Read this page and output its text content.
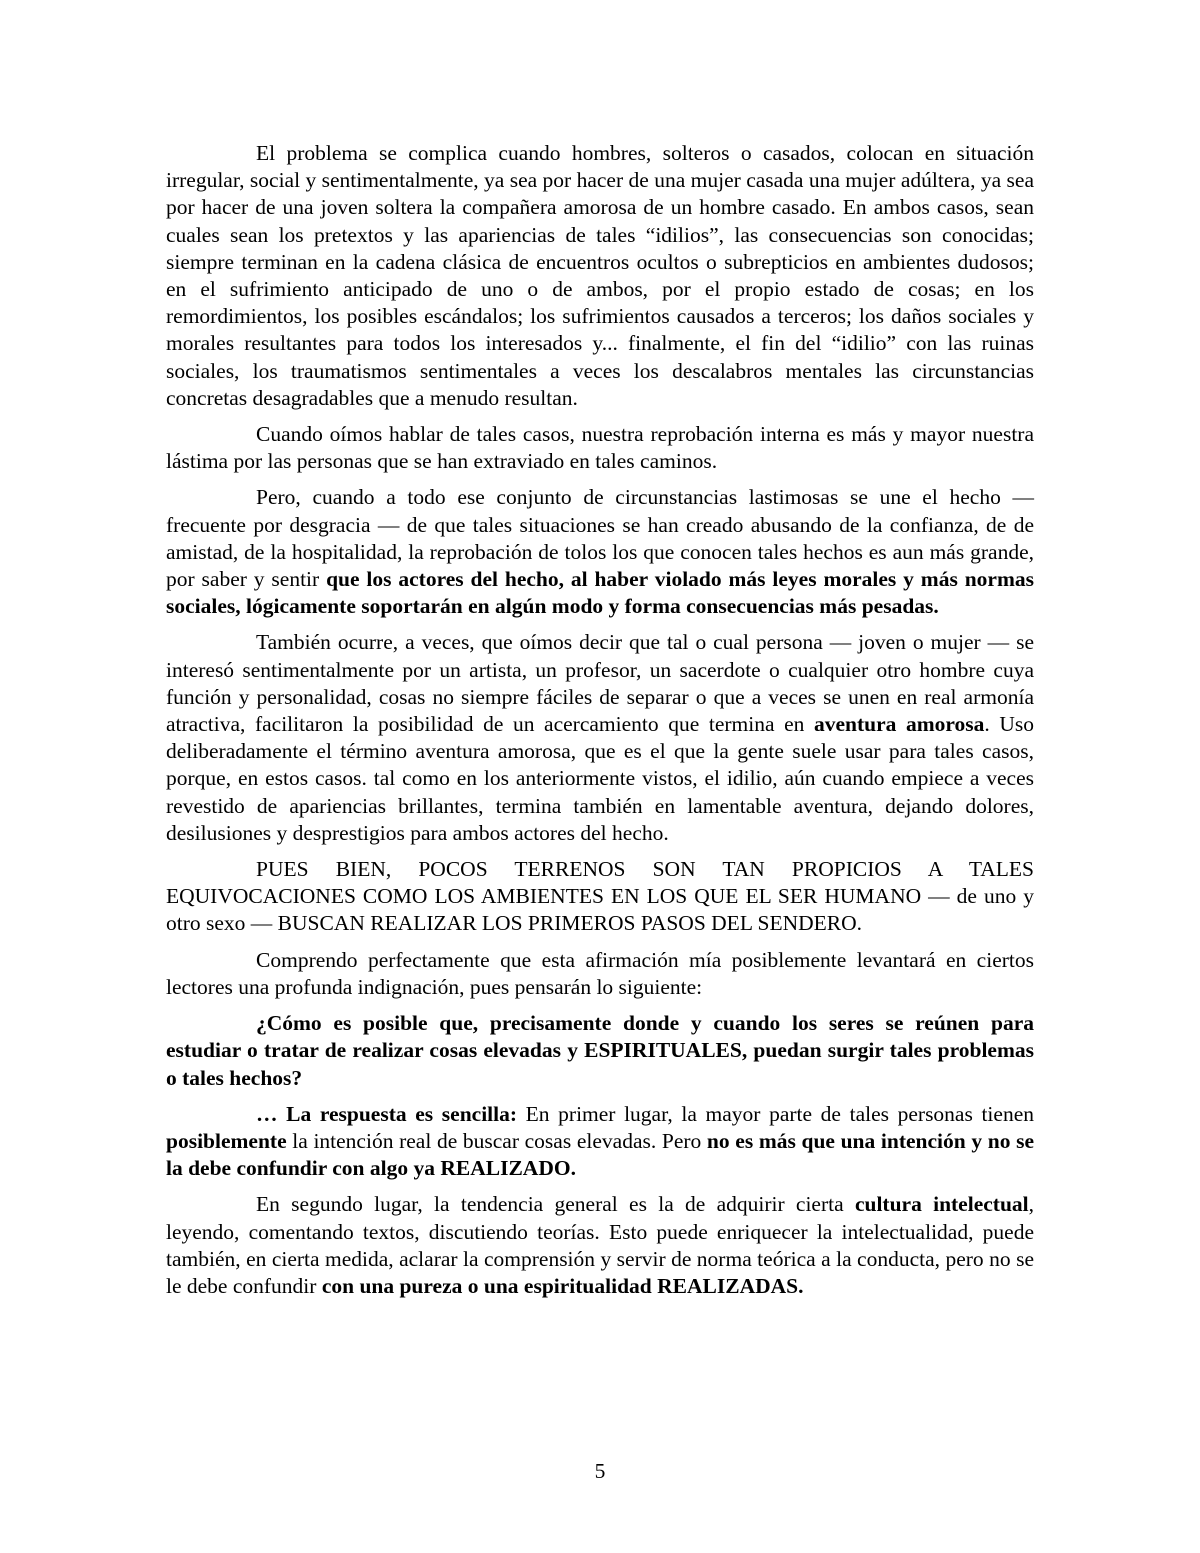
El problema se complica cuando hombres, solteros o casados, colocan en situación irregular, social y sentimentalmente, ya sea por hacer de una mujer casada una mujer adúltera, ya sea por hacer de una joven soltera la compañera amorosa de un hombre casado. En ambos casos, sean cuales sean los pretextos y las apariencias de tales “idilios”, las consecuencias son conocidas; siempre terminan en la cadena clásica de encuentros ocultos o subrepticios en ambientes dudosos; en el sufrimiento anticipado de uno o de ambos, por el propio estado de cosas; en los remordimientos, los posibles escándalos; los sufrimientos causados a terceros; los daños sociales y morales resultantes para todos los interesados y... finalmente, el fin del “idilio” con las ruinas sociales, los traumatismos sentimentales a veces los descalabros mentales las circunstancias concretas desagradables que a menudo resultan.

Cuando oímos hablar de tales casos, nuestra reprobación interna es más y mayor nuestra lástima por las personas que se han extraviado en tales caminos.

Pero, cuando a todo ese conjunto de circunstancias lastimosas se une el hecho — frecuente por desgracia — de que tales situaciones se han creado abusando de la confianza, de de amistad, de la hospitalidad, la reprobación de tolos los que conocen tales hechos es aun más grande, por saber y sentir que los actores del hecho, al haber violado más leyes morales y más normas sociales, lógicamente soportarán en algún modo y forma consecuencias más pesadas.

También ocurre, a veces, que oímos decir que tal o cual persona — joven o mujer — se interesó sentimentalmente por un artista, un profesor, un sacerdote o cualquier otro hombre cuya función y personalidad, cosas no siempre fáciles de separar o que a veces se unen en real armonía atractiva, facilitaron la posibilidad de un acercamiento que termina en aventura amorosa. Uso deliberadamente el término aventura amorosa, que es el que la gente suele usar para tales casos, porque, en estos casos. tal como en los anteriormente vistos, el idilio, aún cuando empiece a veces revestido de apariencias brillantes, termina también en lamentable aventura, dejando dolores, desilusiones y desprestigios para ambos actores del hecho.

PUES BIEN, POCOS TERRENOS SON TAN PROPICIOS A TALES EQUIVOCACIONES COMO LOS AMBIENTES EN LOS QUE EL SER HUMANO — de uno y otro sexo — BUSCAN REALIZAR LOS PRIMEROS PASOS DEL SENDERO.

Comprendo perfectamente que esta afirmación mía posiblemente levantará en ciertos lectores una profunda indignación, pues pensarán lo siguiente:

¿Cómo es posible que, precisamente donde y cuando los seres se reúnen para estudiar o tratar de realizar cosas elevadas y ESPIRITUALES, puedan surgir tales problemas o tales hechos?

… La respuesta es sencilla: En primer lugar, la mayor parte de tales personas tienen posiblemente la intención real de buscar cosas elevadas. Pero no es más que una intención y no se la debe confundir con algo ya REALIZADO.

En segundo lugar, la tendencia general es la de adquirir cierta cultura intelectual, leyendo, comentando textos, discutiendo teorías. Esto puede enriquecer la intelectualidad, puede también, en cierta medida, aclarar la comprensión y servir de norma teórica a la conducta, pero no se le debe confundir con una pureza o una espiritualidad REALIZADAS.

5
